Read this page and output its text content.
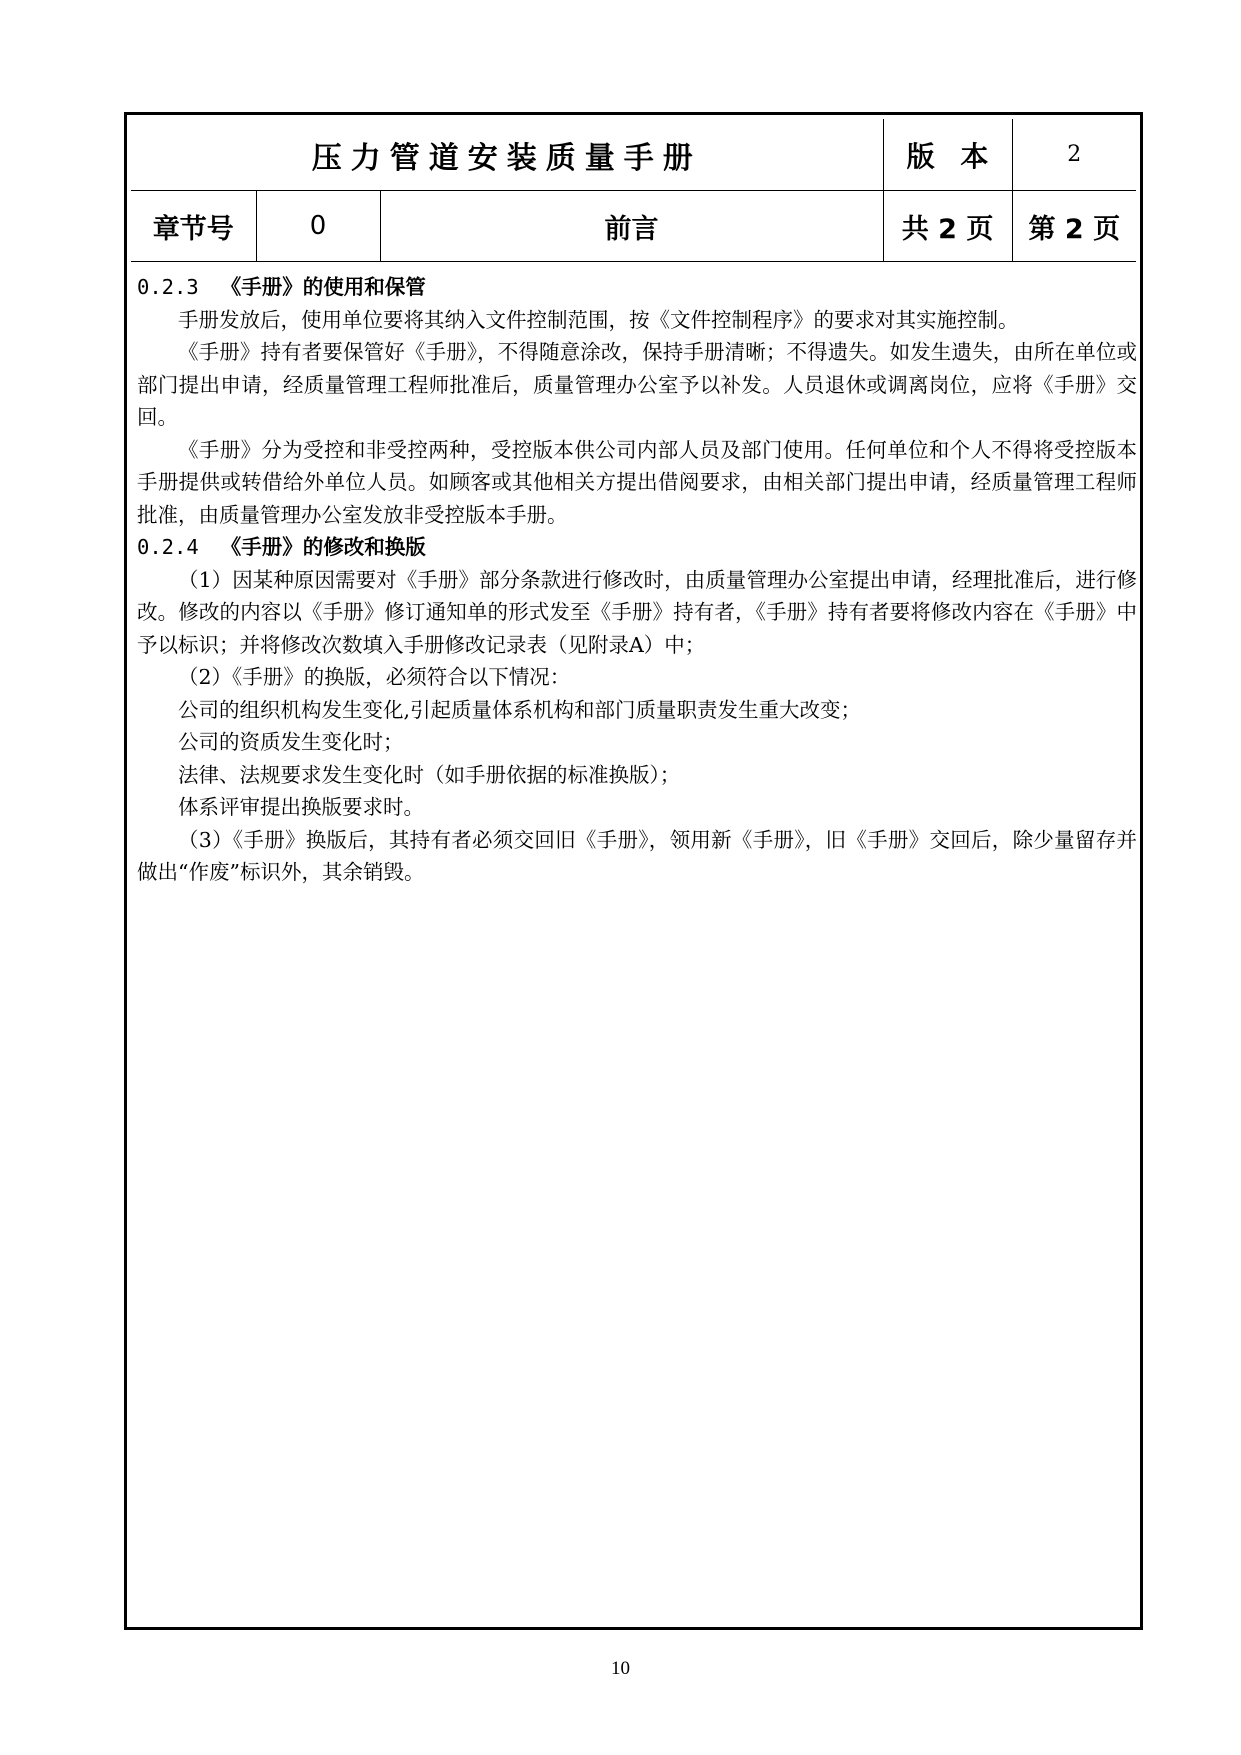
压力管道安装质量手册			版 本	2
章节号	0	前言	共 2 页	第 2 页

0.2.3 《手册》的使用和保管

手册发放后，使用单位要将其纳入文件控制范围，按《文件控制程序》的要求对其实施控制。

《手册》持有者要保管好《手册》，不得随意涂改，保持手册清晰；不得遗失。如发生遗失，由所在单位或部门提出申请，经质量管理工程师批准后，质量管理办公室予以补发。人员退休或调离岗位，应将《手册》交回。

《手册》分为受控和非受控两种，受控版本供公司内部人员及部门使用。任何单位和个人不得将受控版本手册提供或转借给外单位人员。如顾客或其他相关方提出借阅要求，由相关部门提出申请，经质量管理工程师批准，由质量管理办公室发放非受控版本手册。

0.2.4 《手册》的修改和换版

（1）因某种原因需要对《手册》部分条款进行修改时，由质量管理办公室提出申请，经理批准后，进行修改。修改的内容以《手册》修订通知单的形式发至《手册》持有者，《手册》持有者要将修改内容在《手册》中予以标识；并将修改次数填入手册修改记录表（见附录A）中；

（2）《手册》的换版，必须符合以下情况：

公司的组织机构发生变化,引起质量体系机构和部门质量职责发生重大改变；

公司的资质发生变化时；

法律、法规要求发生变化时（如手册依据的标准换版）；

体系评审提出换版要求时。

（3）《手册》换版后，其持有者必须交回旧《手册》，领用新《手册》，旧《手册》交回后，除少量留存并做出“作废”标识外，其余销毁。

10
